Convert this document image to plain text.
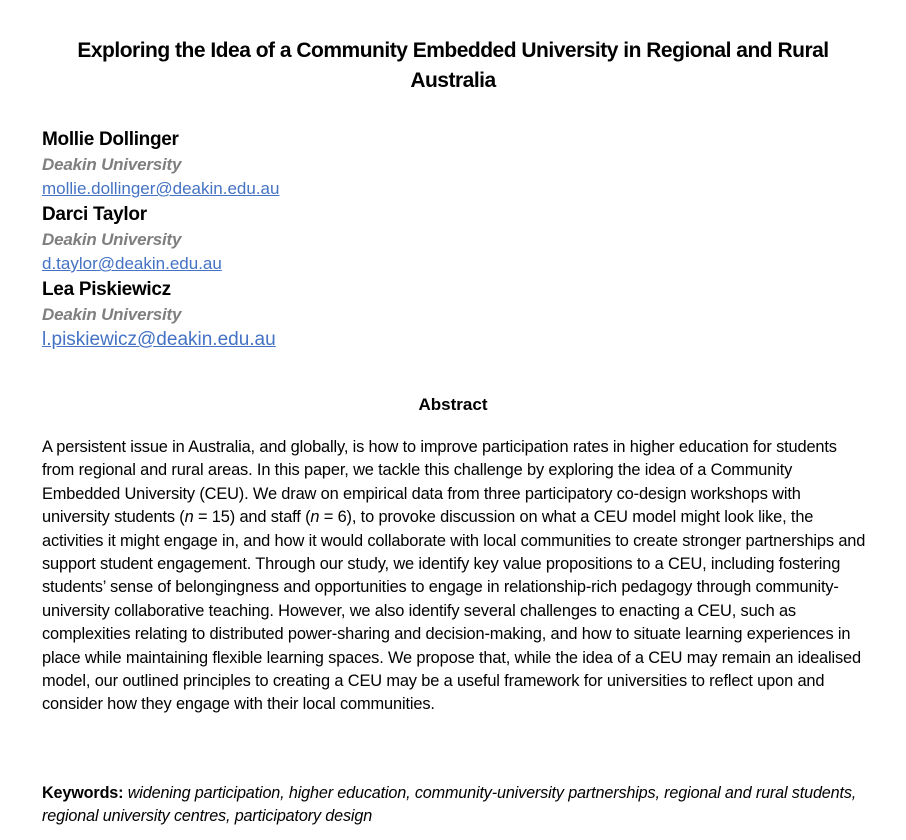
Exploring the Idea of a Community Embedded University in Regional and Rural Australia
Mollie Dollinger
Deakin University
mollie.dollinger@deakin.edu.au
Darci Taylor
Deakin University
d.taylor@deakin.edu.au
Lea Piskiewicz
Deakin University
l.piskiewicz@deakin.edu.au
Abstract

A persistent issue in Australia, and globally, is how to improve participation rates in higher education for students from regional and rural areas. In this paper, we tackle this challenge by exploring the idea of a Community Embedded University (CEU). We draw on empirical data from three participatory co-design workshops with university students (n = 15) and staff (n = 6), to provoke discussion on what a CEU model might look like, the activities it might engage in, and how it would collaborate with local communities to create stronger partnerships and support student engagement. Through our study, we identify key value propositions to a CEU, including fostering students’ sense of belongingness and opportunities to engage in relationship-rich pedagogy through community-university collaborative teaching. However, we also identify several challenges to enacting a CEU, such as complexities relating to distributed power-sharing and decision-making, and how to situate learning experiences in place while maintaining flexible learning spaces. We propose that, while the idea of a CEU may remain an idealised model, our outlined principles to creating a CEU may be a useful framework for universities to reflect upon and consider how they engage with their local communities.

Keywords: widening participation, higher education, community-university partnerships, regional and rural students, regional university centres, participatory design
